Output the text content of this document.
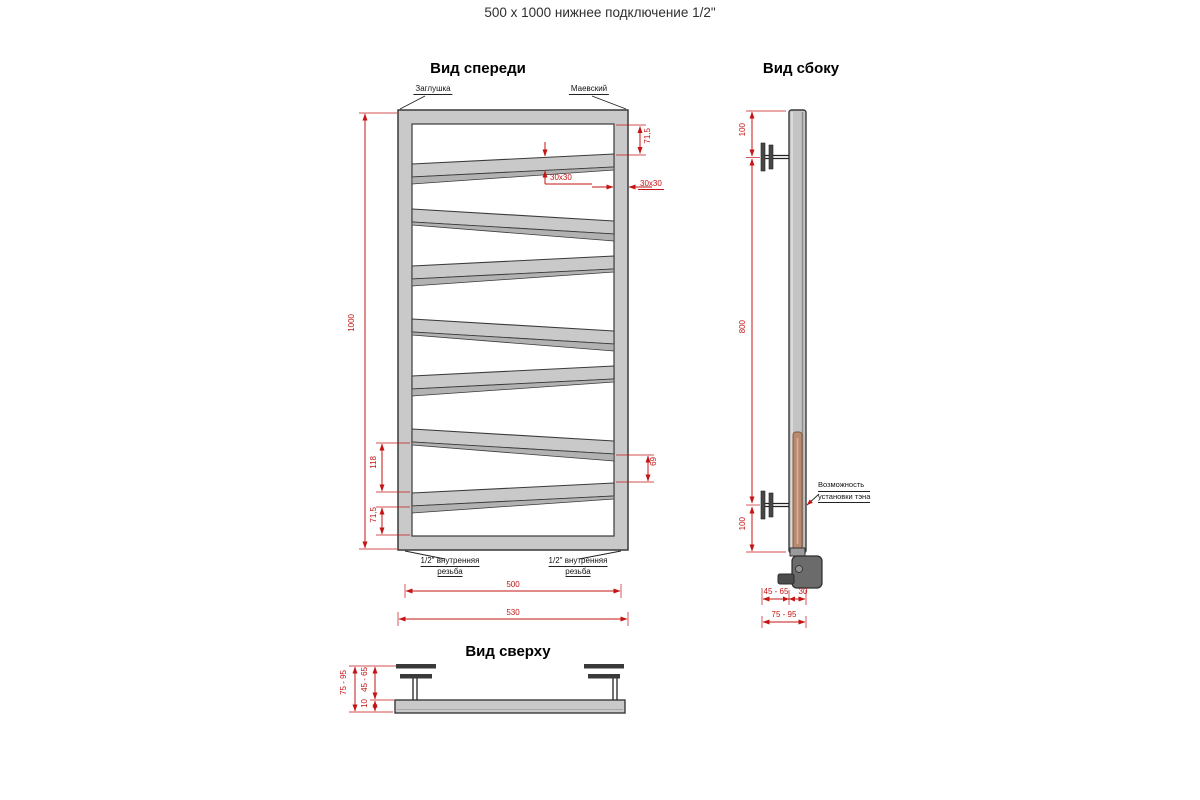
500 х 1000 нижнее подключение 1/2"
Вид спереди
Заглушка	Маевский
1000
118
71,5
71,5
69
30x30
30x30
500
530
1/2" внутренняя
резьба
1/2" внутренняя
резьба
Вид сбоку
100
800
100
Возможность
установки тэна
45 - 65 30
75 - 95
Вид сверху
75 - 95 45 - 65
10
